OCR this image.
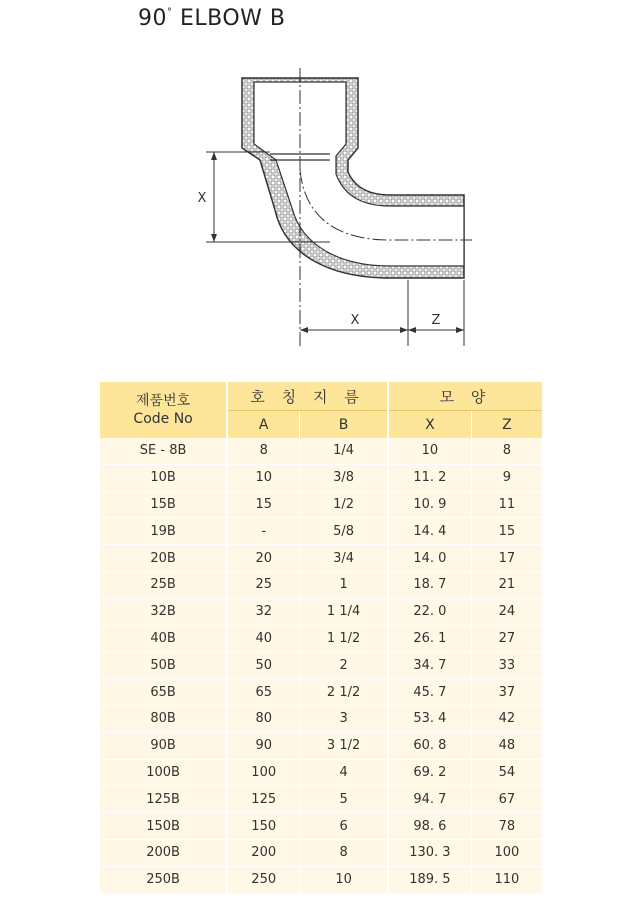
90° ELBOW B
X
X	Z
제품번호
Code No	호 칭 지 름		모 양	
	A	B	X	Z
SE - 8B	8	1/4	10	8
10B	10	3/8	11. 2	9
15B	15	1/2	10. 9	11
19B	-	5/8	14. 4	15
20B	20	3/4	14. 0	17
25B	25	1	18. 7	21
32B	32	1 1/4	22. 0	24
40B	40	1 1/2	26. 1	27
50B	50	2	34. 7	33
65B	65	2 1/2	45. 7	37
80B	80	3	53. 4	42
90B	90	3 1/2	60. 8	48
100B	100	4	69. 2	54
125B	125	5	94. 7	67
150B	150	6	98. 6	78
200B	200	8	130. 3	100
250B	250	10	189. 5	110
